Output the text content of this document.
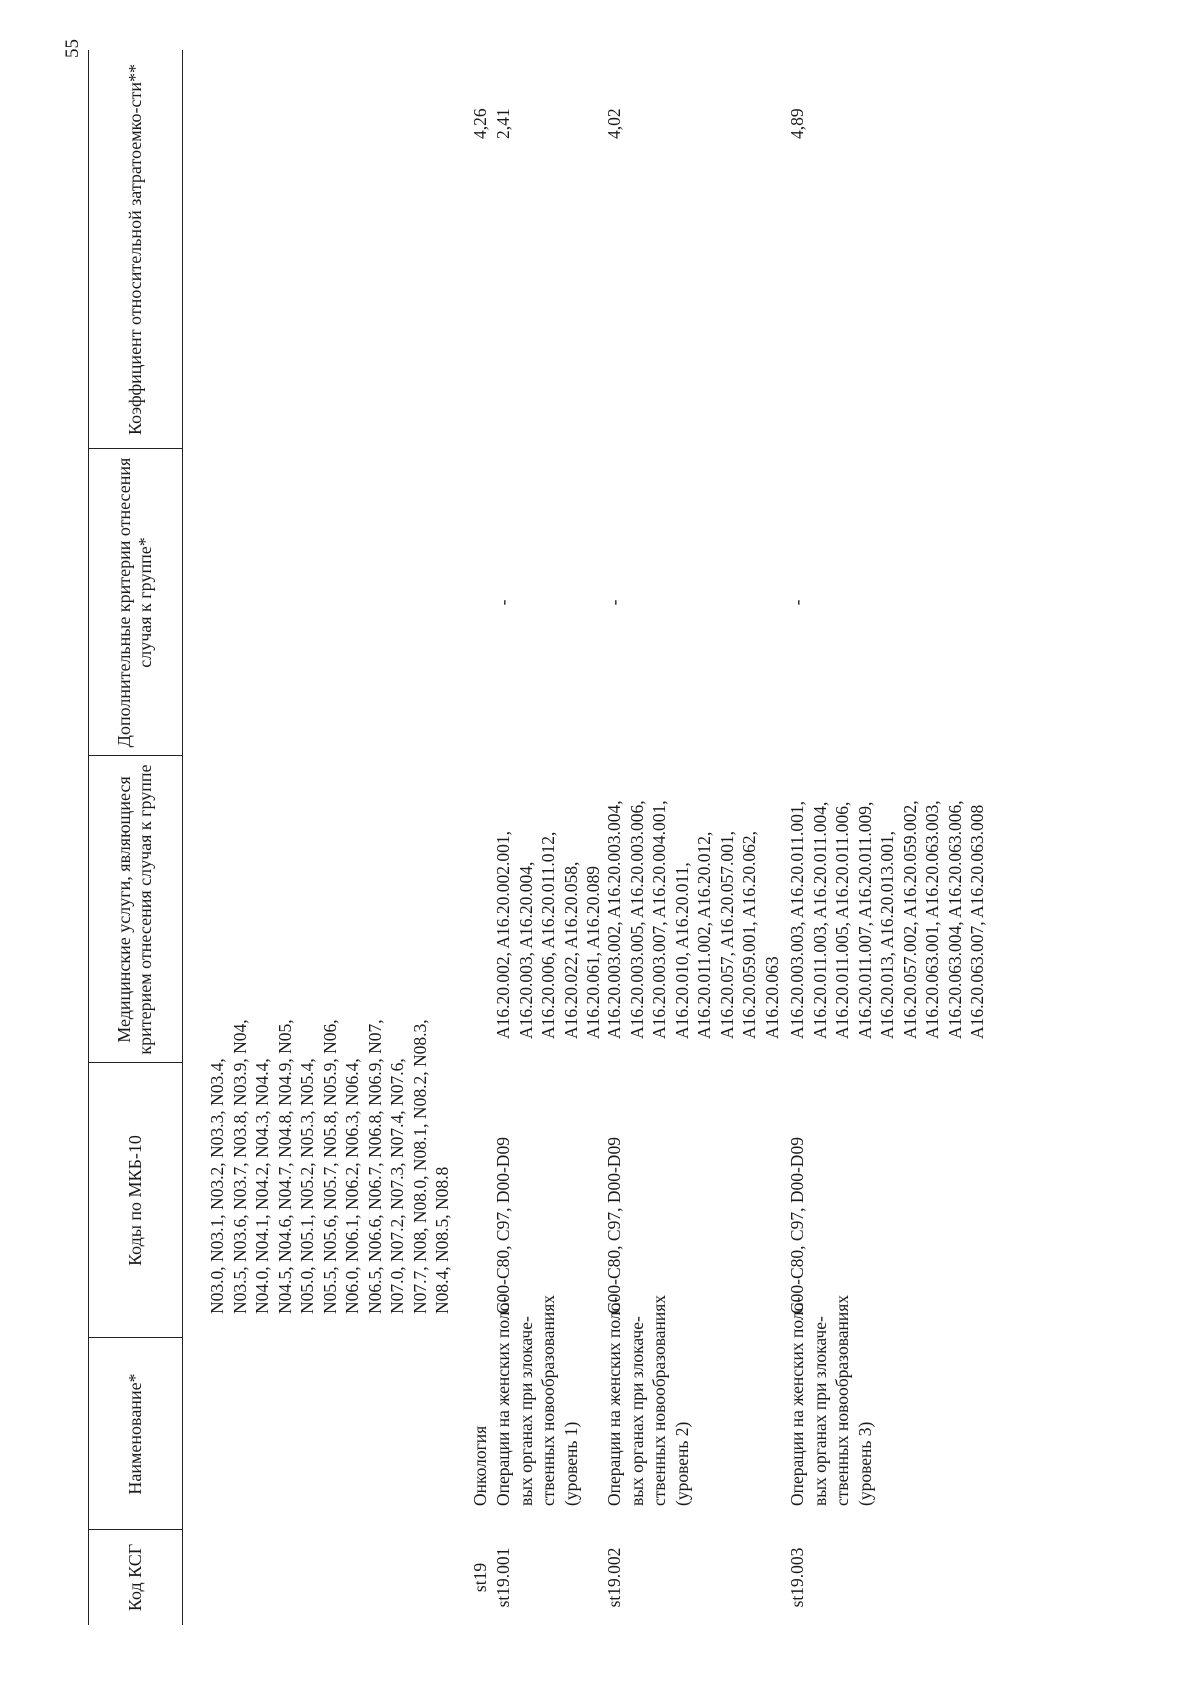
55
Код КСГ
Наименование*
Коды по МКБ-10
Медицинские услуги, являющиеся критерием отнесения случая к группе
Дополнительные критерии отнесения случая к группе*
Коэффициент относительной затратоемко-сти**
N03.0, N03.1, N03.2, N03.3, N03.4, N03.5, N03.6, N03.7, N03.8, N03.9, N04, N04.0, N04.1, N04.2, N04.3, N04.4, N04.5, N04.6, N04.7, N04.8, N04.9, N05, N05.0, N05.1, N05.2, N05.3, N05.4, N05.5, N05.6, N05.7, N05.8, N05.9, N06, N06.0, N06.1, N06.2, N06.3, N06.4, N06.5, N06.6, N06.7, N06.8, N06.9, N07, N07.0, N07.2, N07.3, N07.4, N07.6, N07.7, N08, N08.0, N08.1, N08.2, N08.3, N08.4, N08.5, N08.8
st19
Онкология
4,26
st19.001
Операции на женских поло- вых органах при злокаче- ственных новообразованиях (уровень 1)
C00-C80, C97, D00-D09
A16.20.002, A16.20.002.001, A16.20.003, A16.20.004, A16.20.006, A16.20.011.012, A16.20.022, A16.20.058, A16.20.061, A16.20.089
-
2,41
st19.002
Операции на женских поло- вых органах при злокаче- ственных новообразованиях (уровень 2)
C00-C80, C97, D00-D09
A16.20.003.002, A16.20.003.004, A16.20.003.005, A16.20.003.006, A16.20.003.007, A16.20.004.001, A16.20.010, A16.20.011, A16.20.011.002, A16.20.012, A16.20.057, A16.20.057.001, A16.20.059.001, A16.20.062, A16.20.063
-
4,02
st19.003
Операции на женских поло- вых органах при злокаче- ственных новообразованиях (уровень 3)
C00-C80, C97, D00-D09
A16.20.003.003, A16.20.011.001, A16.20.011.003, A16.20.011.004, A16.20.011.005, A16.20.011.006, A16.20.011.007, A16.20.011.009, A16.20.013, A16.20.013.001, A16.20.057.002, A16.20.059.002, A16.20.063.001, A16.20.063.003, A16.20.063.004, A16.20.063.006, A16.20.063.007, A16.20.063.008
-
4,89
